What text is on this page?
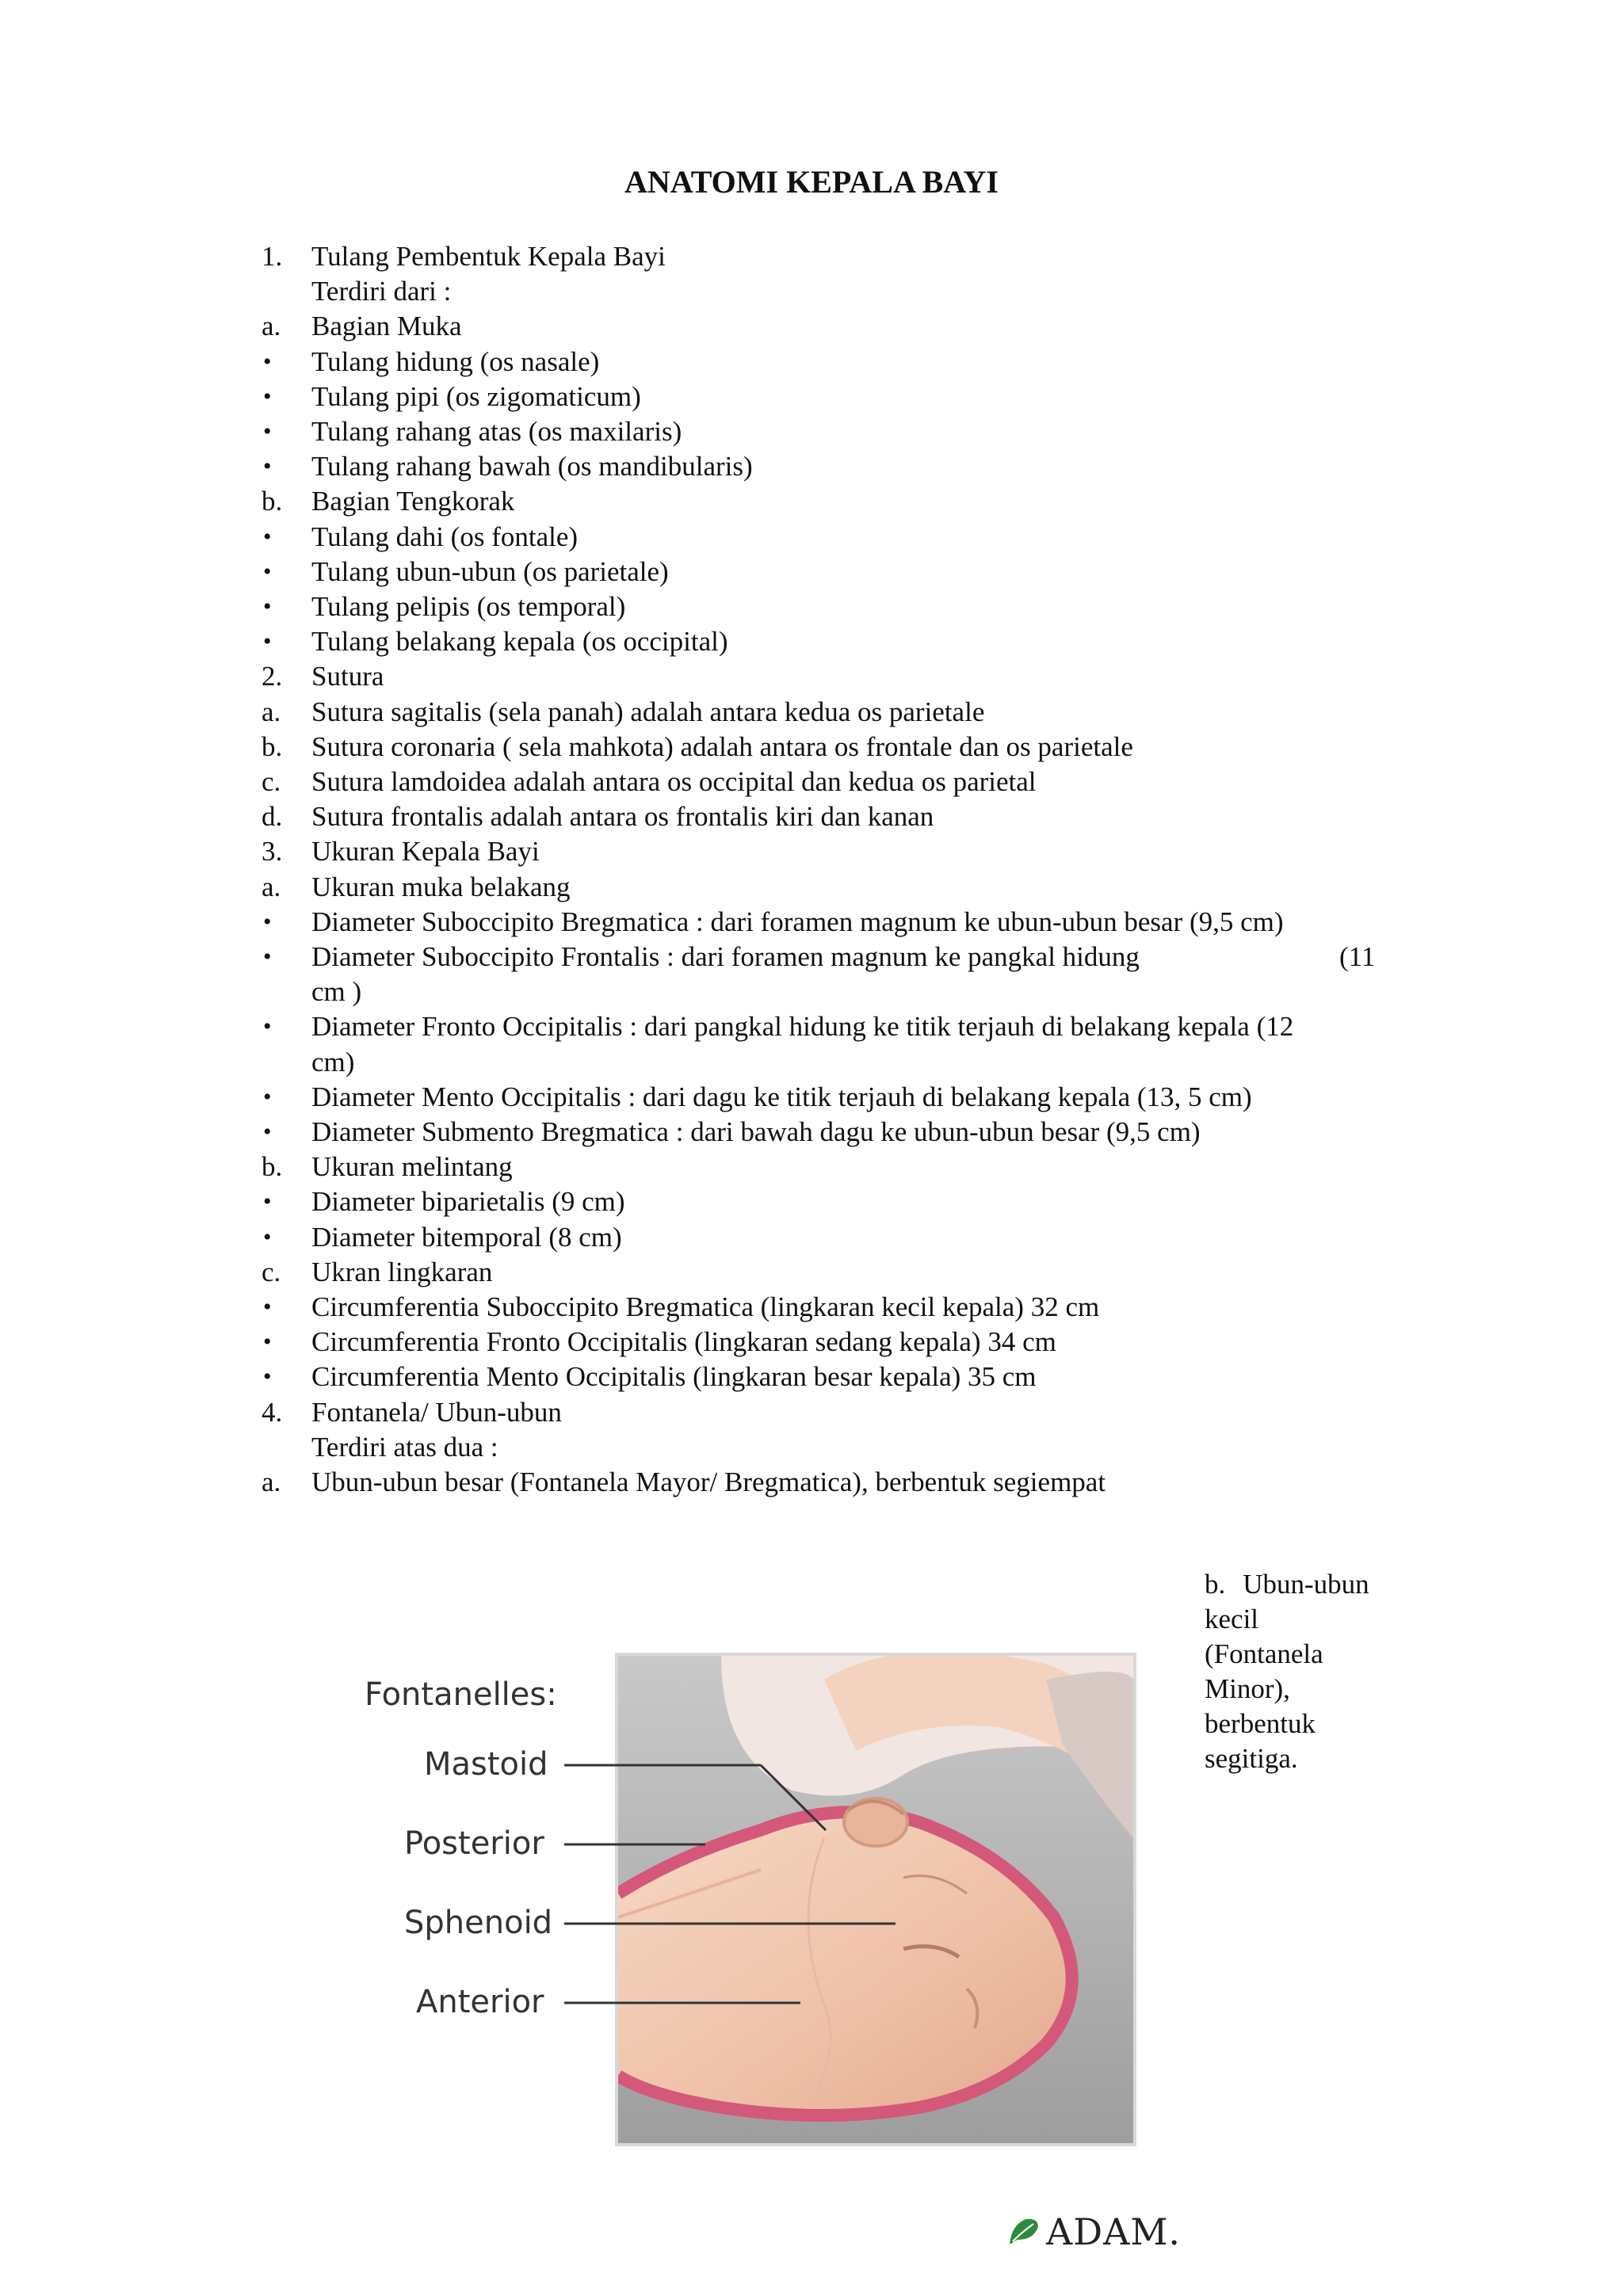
ANATOMI KEPALA BAYI
1. Tulang Pembentuk Kepala Bayi
Terdiri dari :
a. Bagian Muka
• Tulang hidung (os nasale)
• Tulang pipi (os zigomaticum)
• Tulang rahang atas (os maxilaris)
• Tulang rahang bawah (os mandibularis)
b. Bagian Tengkorak
• Tulang dahi (os fontale)
• Tulang ubun-ubun (os parietale)
• Tulang pelipis (os temporal)
• Tulang belakang kepala (os occipital)
2. Sutura
a. Sutura sagitalis (sela panah) adalah antara kedua os parietale
b. Sutura coronaria ( sela mahkota) adalah antara os frontale dan os parietale
c. Sutura lamdoidea adalah antara os occipital dan kedua os parietal
d. Sutura frontalis adalah antara os frontalis kiri dan kanan
3. Ukuran Kepala Bayi
a. Ukuran muka belakang
• Diameter Suboccipito Bregmatica : dari foramen magnum ke ubun-ubun besar (9,5 cm)
• Diameter Suboccipito Frontalis : dari foramen magnum ke pangkal hidung	(11
cm )
• Diameter Fronto Occipitalis : dari pangkal hidung ke titik terjauh di belakang kepala (12
cm)
• Diameter Mento Occipitalis : dari dagu ke titik terjauh di belakang kepala (13, 5 cm)
• Diameter Submento Bregmatica : dari bawah dagu ke ubun-ubun besar (9,5 cm)
b. Ukuran melintang
• Diameter biparietalis (9 cm)
• Diameter bitemporal (8 cm)
c. Ukran lingkaran
• Circumferentia Suboccipito Bregmatica (lingkaran kecil kepala) 32 cm
• Circumferentia Fronto Occipitalis (lingkaran sedang kepala) 34 cm
• Circumferentia Mento Occipitalis (lingkaran besar kepala) 35 cm
4. Fontanela/ Ubun-ubun
Terdiri atas dua :
a. Ubun-ubun besar (Fontanela Mayor/ Bregmatica), berbentuk segiempat
b. Ubun-ubun
kecil
(Fontanela
Minor),
berbentuk
segitiga.
Fontanelles:
Mastoid
Posterior
Sphenoid
Anterior
ADAM.
